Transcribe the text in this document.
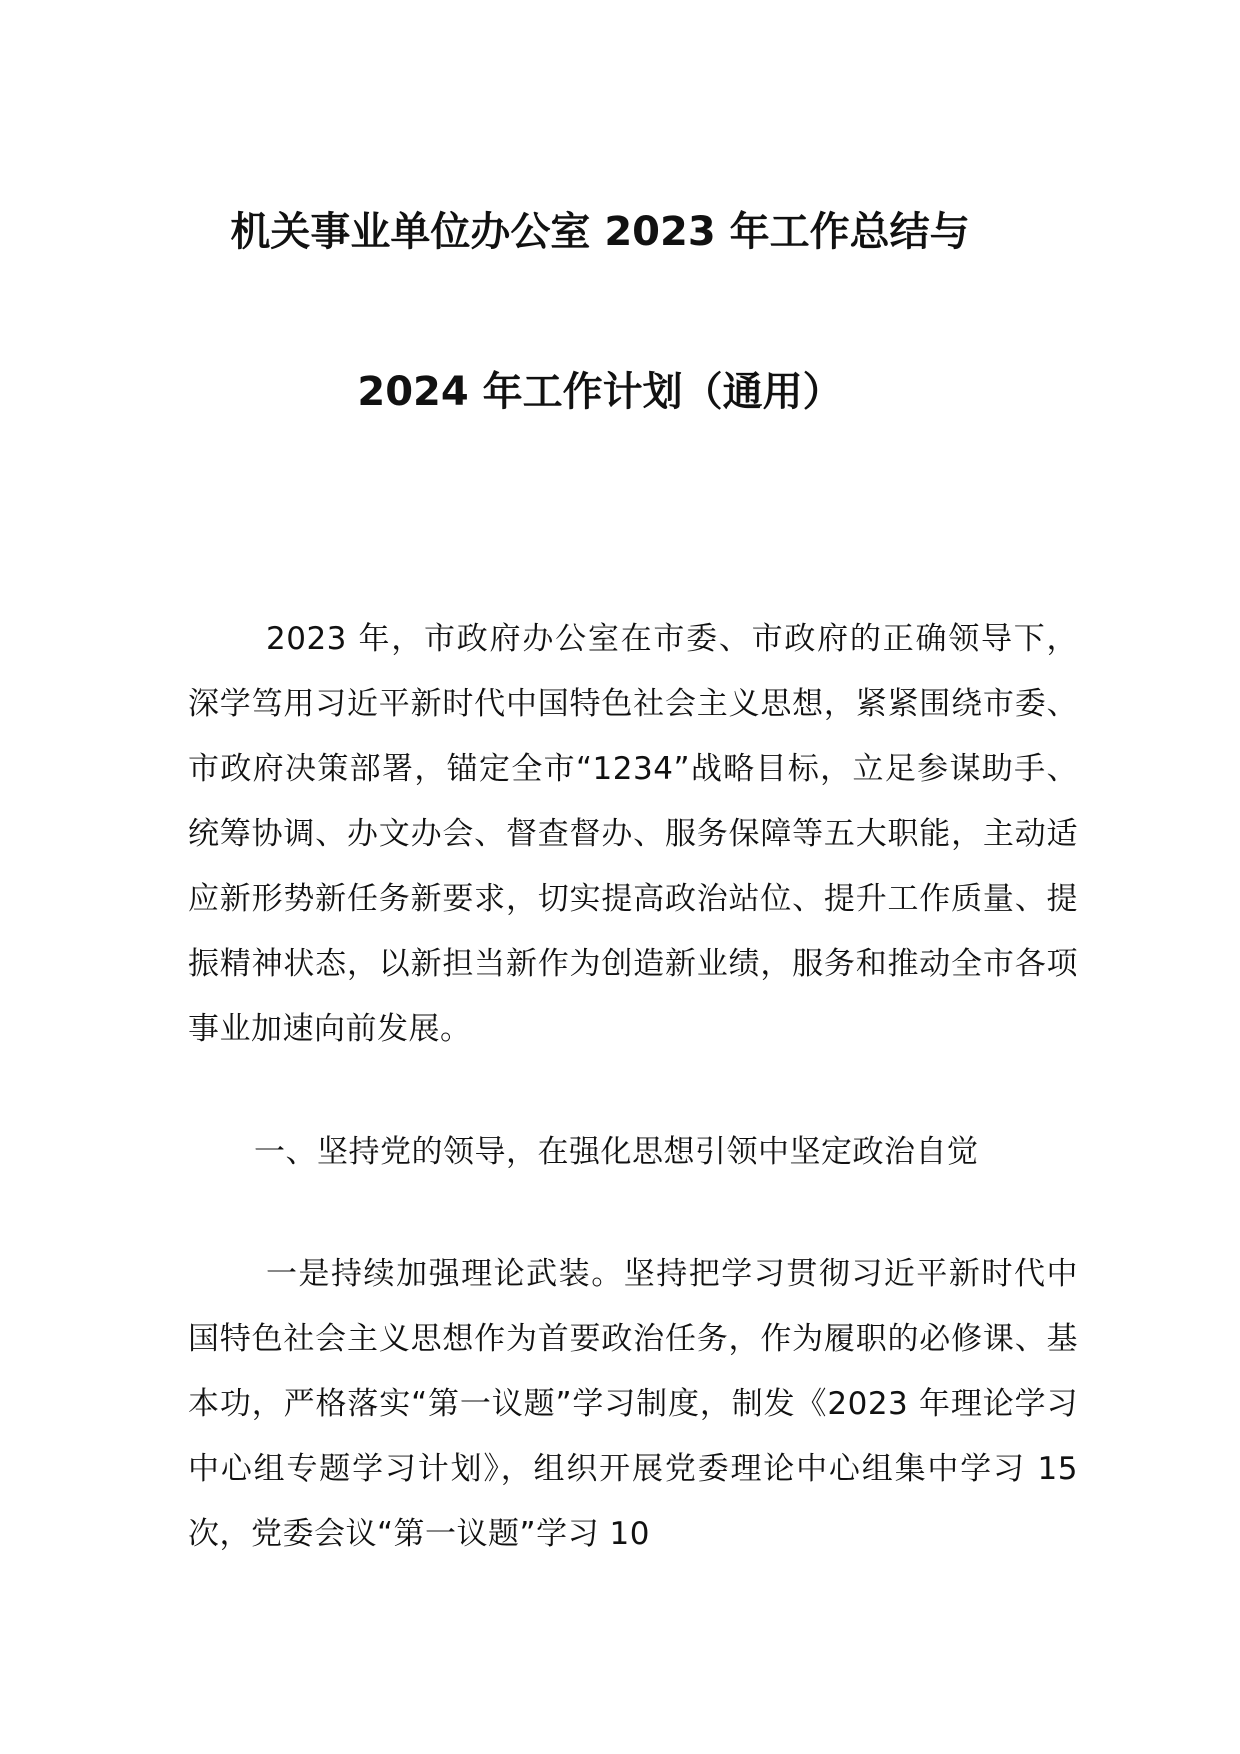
机关事业单位办公室 2023 年工作总结与
2024 年工作计划（通用）
2023 年，市政府办公室在市委、市政府的正确领导下，深学笃用习近平新时代中国特色社会主义思想，紧紧围绕市委、市政府决策部署，锚定全市“1234”战略目标，立足参谋助手、统筹协调、办文办会、督查督办、服务保障等五大职能，主动适应新形势新任务新要求，切实提高政治站位、提升工作质量、提振精神状态，以新担当新作为创造新业绩，服务和推动全市各项事业加速向前发展。
一、坚持党的领导，在强化思想引领中坚定政治自觉
一是持续加强理论武装。坚持把学习贯彻习近平新时代中国特色社会主义思想作为首要政治任务，作为履职的必修课、基本功，严格落实“第一议题”学习制度，制发《2023 年理论学习中心组专题学习计划》，组织开展党委理论中心组集中学习 15 次，党委会议“第一议题”学习 10
